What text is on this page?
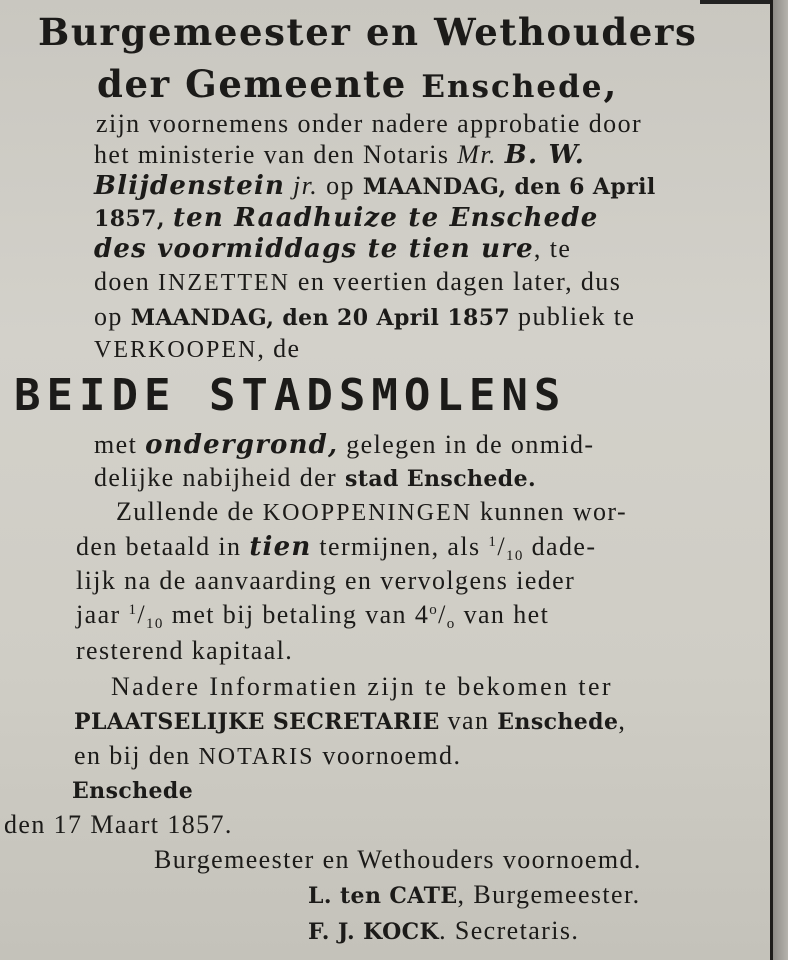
Burgemeester en Wethouders
der Gemeente Enschede,
zijn voornemens onder nadere approbatie door
het ministerie van den Notaris Mr. B. W.
Blijdenstein jr. op MAANDAG, den 6 April
1857, ten Raadhuize te Enschede
des voormiddags te tien ure, te
doen INZETTEN en veertien dagen later, dus
op MAANDAG, den 20 April 1857 publiek te
VERKOOPEN, de
BEIDE STADSMOLENS
met ondergrond, gelegen in de onmid-
delijke nabijheid der stad Enschede.
Zullende de KOOPPENINGEN kunnen wor-
den betaald in tien termijnen, als $^1/_{10}$ dade-
lijk na de aanvaarding en vervolgens ieder
jaar $^1/_{10}$ met bij betaling van $4^o/_o$ van het
resterend kapitaal.
Nadere Informatien zijn te bekomen ter
PLAATSELIJKE SECRETARIE van Enschede,
en bij den NOTARIS voornoemd.
Enschede
den 17 Maart 1857.
Burgemeester en Wethouders voornoemd.
L. ten CATE, Burgemeester.
F. J. KOCK. Secretaris.
